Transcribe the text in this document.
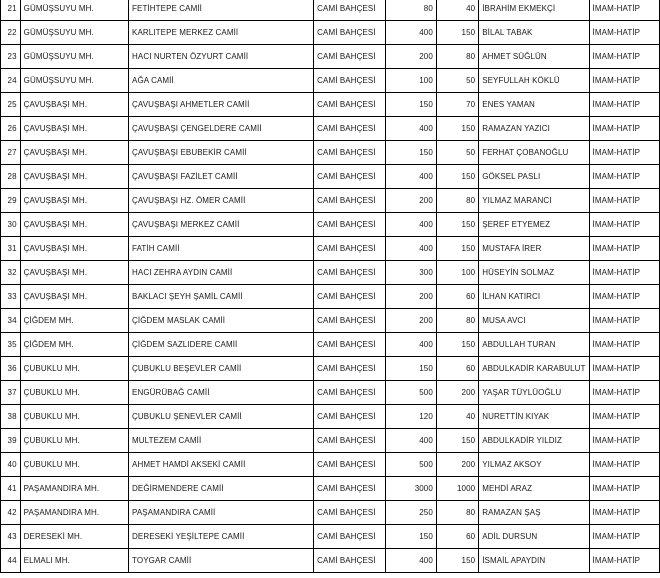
21	GÜMÜŞSUYU MH.	FETİHTEPE CAMİİ	CAMİ BAHÇESİ	80	40	İBRAHİM EKMEKÇİ	İMAM-HATİP
22	GÜMÜŞSUYU MH.	KARLITEPE MERKEZ CAMİİ	CAMİ BAHÇESİ	400	150	BİLAL TABAK	İMAM-HATİP
23	GÜMÜŞSUYU MH.	HACI NURTEN ÖZYURT CAMİİ	CAMİ BAHÇESİ	200	80	AHMET SÜĞLÜN	İMAM-HATİP
24	GÜMÜŞSUYU MH.	AĞA CAMİİ	CAMİ BAHÇESİ	100	50	SEYFULLAH KÖKLÜ	İMAM-HATİP
25	ÇAVUŞBAŞI MH.	ÇAVUŞBAŞI AHMETLER CAMİİ	CAMİ BAHÇESİ	150	70	ENES YAMAN	İMAM-HATİP
26	ÇAVUŞBAŞI MH.	ÇAVUŞBAŞI ÇENGELDERE CAMİİ	CAMİ BAHÇESİ	400	150	RAMAZAN YAZICI	İMAM-HATİP
27	ÇAVUŞBAŞI MH.	ÇAVUŞBAŞI EBUBEKİR CAMİİ	CAMİ BAHÇESİ	150	50	FERHAT ÇOBANOĞLU	İMAM-HATİP
28	ÇAVUŞBAŞI MH.	ÇAVUŞBAŞI FAZİLET CAMİİ	CAMİ BAHÇESİ	400	150	GÖKSEL PASLI	İMAM-HATİP
29	ÇAVUŞBAŞI MH.	ÇAVUŞBAŞI HZ. ÖMER CAMİİ	CAMİ BAHÇESİ	200	80	YILMAZ MARANCI	İMAM-HATİP
30	ÇAVUŞBAŞI MH.	ÇAVUŞBAŞI MERKEZ CAMİİ	CAMİ BAHÇESİ	400	150	ŞEREF ETYEMEZ	İMAM-HATİP
31	ÇAVUŞBAŞI MH.	FATİH CAMİİ	CAMİ BAHÇESİ	400	150	MUSTAFA İRER	İMAM-HATİP
32	ÇAVUŞBAŞI MH.	HACI ZEHRA AYDIN CAMİİ	CAMİ BAHÇESİ	300	100	HÜSEYİN SOLMAZ	İMAM-HATİP
33	ÇAVUŞBAŞI MH.	BAKLACI ŞEYH ŞAMİL CAMİİ	CAMİ BAHÇESİ	200	60	İLHAN KATIRCI	İMAM-HATİP
34	ÇİĞDEM MH.	ÇİĞDEM MASLAK CAMİİ	CAMİ BAHÇESİ	200	80	MUSA AVCI	İMAM-HATİP
35	ÇİĞDEM MH.	ÇİĞDEM SAZLIDERE CAMİİ	CAMİ BAHÇESİ	400	150	ABDULLAH TURAN	İMAM-HATİP
36	ÇUBUKLU MH.	ÇUBUKLU BEŞEVLER CAMİİ	CAMİ BAHÇESİ	150	60	ABDULKADİR KARABULUT	İMAM-HATİP
37	ÇUBUKLU MH.	ENGÜRÜBAĞ CAMİİ	CAMİ BAHÇESİ	500	200	YAŞAR TÜYLÜOĞLU	İMAM-HATİP
38	ÇUBUKLU MH.	ÇUBUKLU ŞENEVLER CAMİİ	CAMİ BAHÇESİ	120	40	NURETTİN KIYAK	İMAM-HATİP
39	ÇUBUKLU MH.	MULTEZEM CAMİİ	CAMİ BAHÇESİ	400	150	ABDULKADİR YILDIZ	İMAM-HATİP
40	ÇUBUKLU MH.	AHMET HAMDİ AKSEKİ CAMİİ	CAMİ BAHÇESİ	500	200	YILMAZ AKSOY	İMAM-HATİP
41	PAŞAMANDIRA MH.	DEĞİRMENDERE CAMİİ	CAMİ BAHÇESİ	3000	1000	MEHDİ ARAZ	İMAM-HATİP
42	PAŞAMANDIRA MH.	PAŞAMANDIRA CAMİİ	CAMİ BAHÇESİ	250	80	RAMAZAN ŞAŞ	İMAM-HATİP
43	DERESEKİ MH.	DERESEKİ YEŞİLTEPE CAMİİ	CAMİ BAHÇESİ	150	60	ADİL DURSUN	İMAM-HATİP
44	ELMALI MH.	TOYGAR CAMİİ	CAMİ BAHÇESİ	400	150	İSMAİL APAYDIN	İMAM-HATİP
